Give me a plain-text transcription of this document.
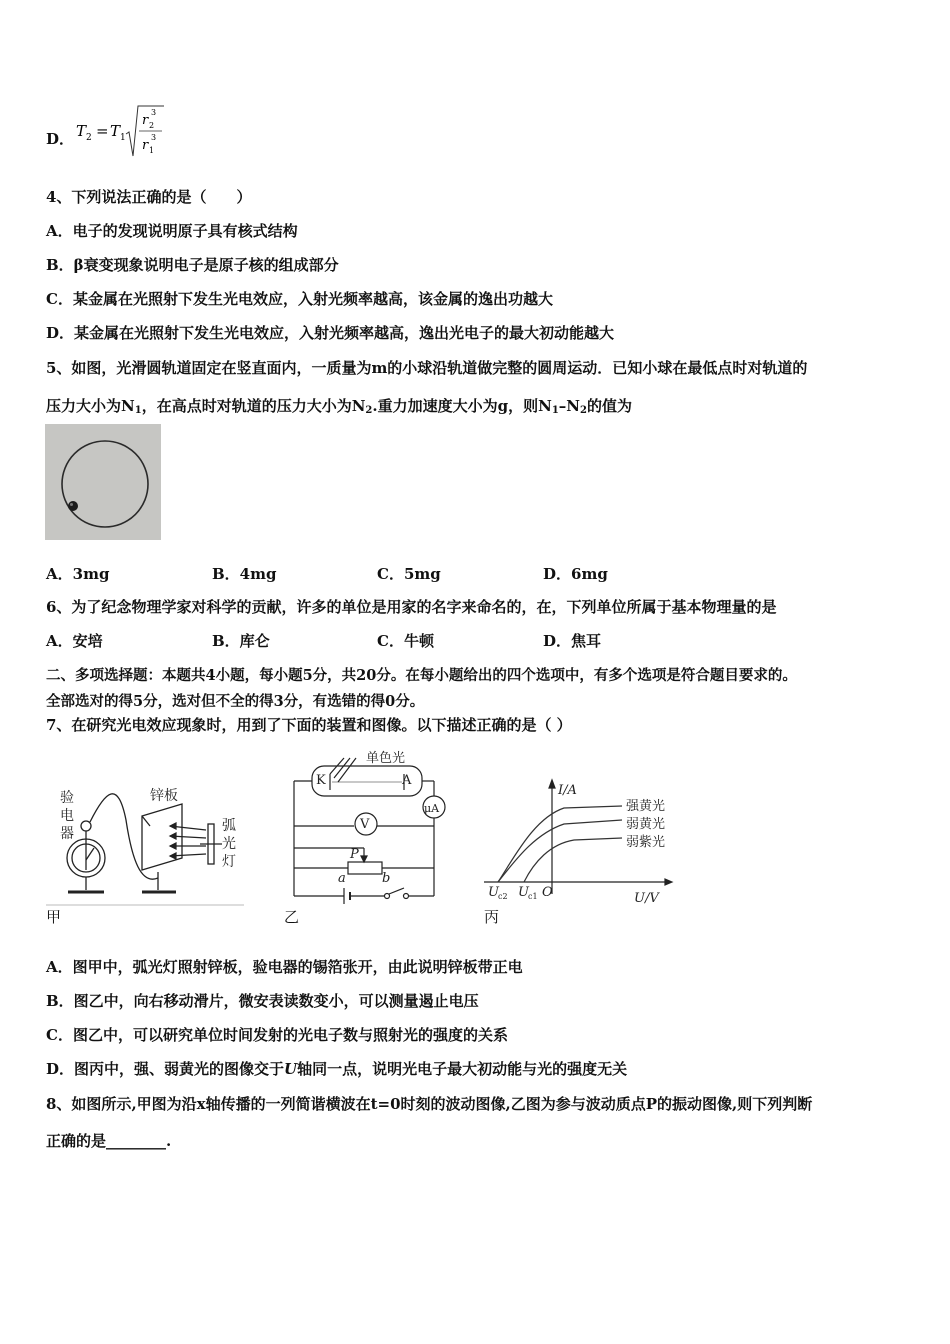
D． T 2 = T 1
r 2
3
r 1
3
4、下列说法正确的是（　　）
A．电子的发现说明原子具有核式结构
B．β衰变现象说明电子是原子核的组成部分
C．某金属在光照射下发生光电效应，入射光频率越高，该金属的逸出功越大
D．某金属在光照射下发生光电效应，入射光频率越高，逸出光电子的最大初动能越大
5、如图，光滑圆轨道固定在竖直面内，一质量为m的小球沿轨道做完整的圆周运动．已知小球在最低点时对轨道的
压力大小为$N_1$，在高点时对轨道的压力大小为$N_2$.重力加速度大小为g，则$N_1-N_2$的值为
A．3mg	B．4mg	C．5mg	D．6mg
6、为了纪念物理学家对科学的贡献，许多的单位是用家的名字来命名的，在，下列单位所属于基本物理量的是
A．安培	B．库仑	C．牛顿	D．焦耳
二、多项选择题：本题共4小题，每小题5分，共20分。在每小题给出的四个选项中，有多个选项是符合题目要求的。
全部选对的得5分，选对但不全的得3分，有选错的得0分。
7、在研究光电效应现象时，用到了下面的装置和图像。以下描述正确的是（ ）
验
电
器
锌板
弧
光
灯
甲
单色光
K	A
μA
V
P
a	b
乙
I/A
U/V
O
U c2 U c1
强黄光
弱黄光
弱紫光
丙
A．图甲中，弧光灯照射锌板，验电器的锡箔张开，由此说明锌板带正电
B．图乙中，向右移动滑片，微安表读数变小，可以测量遏止电压
C．图乙中，可以研究单位时间发射的光电子数与照射光的强度的关系
D．图丙中，强、弱黄光的图像交于U轴同一点，说明光电子最大初动能与光的强度无关
8、如图所示,甲图为沿x轴传播的一列简谐横波在t=0时刻的波动图像,乙图为参与波动质点P的振动图像,则下列判断
正确的是________.
